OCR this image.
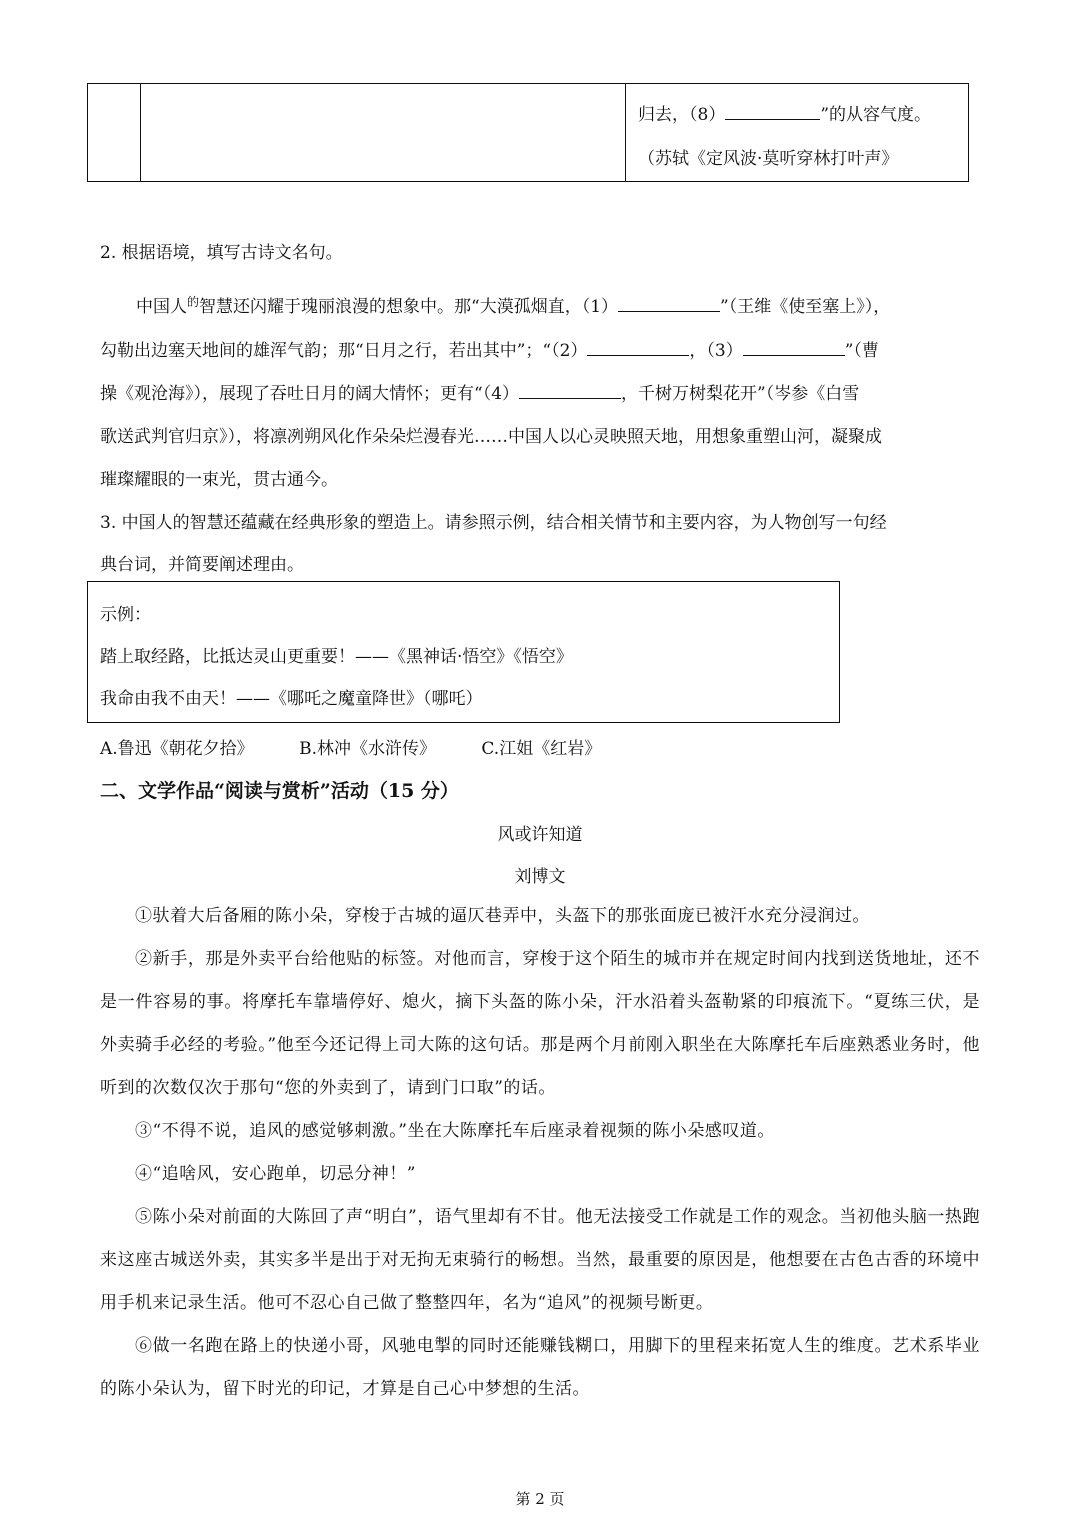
归去，（8）	”的从容气度。
（苏轼《定风波·莫听穿林打叶声》
2. 根据语境，填写古诗文名句。
中国人$^的$智慧还闪耀于瑰丽浪漫的想象中。那“大漠孤烟直，（1）	”（王维《使至塞上》），
勾勒出边塞天地间的雄浑气韵；那“日月之行，若出其中”；“（2）	，（3）	”（曹
操《观沧海》），展现了吞吐日月的阔大情怀；更有“（4）	，千树万树梨花开”（岑参《白雪
歌送武判官归京》），将凛冽朔风化作朵朵烂漫春光……中国人以心灵映照天地，用想象重塑山河，凝聚成
璀璨耀眼的一束光，贯古通今。
3. 中国人的智慧还蕴藏在经典形象的塑造上。请参照示例，结合相关情节和主要内容，为人物创写一句经
典台词，并简要阐述理由。
示例：
踏上取经路，比抵达灵山更重要！——《黑神话·悟空》《悟空》
我命由我不由天！——《哪吒之魔童降世》（哪吒）
A.鲁迅《朝花夕拾》	B.林冲《水浒传》	C.江姐《红岩》
二、文学作品“阅读与赏析”活动（15 分）
风或许知道
刘博文

①驮着大后备厢的陈小朵，穿梭于古城的逼仄巷弄中，头盔下的那张面庞已被汗水充分浸润过。

②新手，那是外卖平台给他贴的标签。对他而言，穿梭于这个陌生的城市并在规定时间内找到送货地址，还不是一件容易的事。将摩托车靠墙停好、熄火，摘下头盔的陈小朵，汗水沿着头盔勒紧的印痕流下。“夏练三伏，是外卖骑手必经的考验。”他至今还记得上司大陈的这句话。那是两个月前刚入职坐在大陈摩托车后座熟悉业务时，他听到的次数仅次于那句“您的外卖到了，请到门口取”的话。

③“不得不说，追风的感觉够刺激。”坐在大陈摩托车后座录着视频的陈小朵感叹道。

④“追啥风，安心跑单，切忌分神！”

⑤陈小朵对前面的大陈回了声“明白”，语气里却有不甘。他无法接受工作就是工作的观念。当初他头脑一热跑来这座古城送外卖，其实多半是出于对无拘无束骑行的畅想。当然，最重要的原因是，他想要在古色古香的环境中用手机来记录生活。他可不忍心自己做了整整四年，名为“追风”的视频号断更。

⑥做一名跑在路上的快递小哥，风驰电掣的同时还能赚钱糊口，用脚下的里程来拓宽人生的维度。艺术系毕业的陈小朵认为，留下时光的印记，才算是自己心中梦想的生活。

第 2 页
